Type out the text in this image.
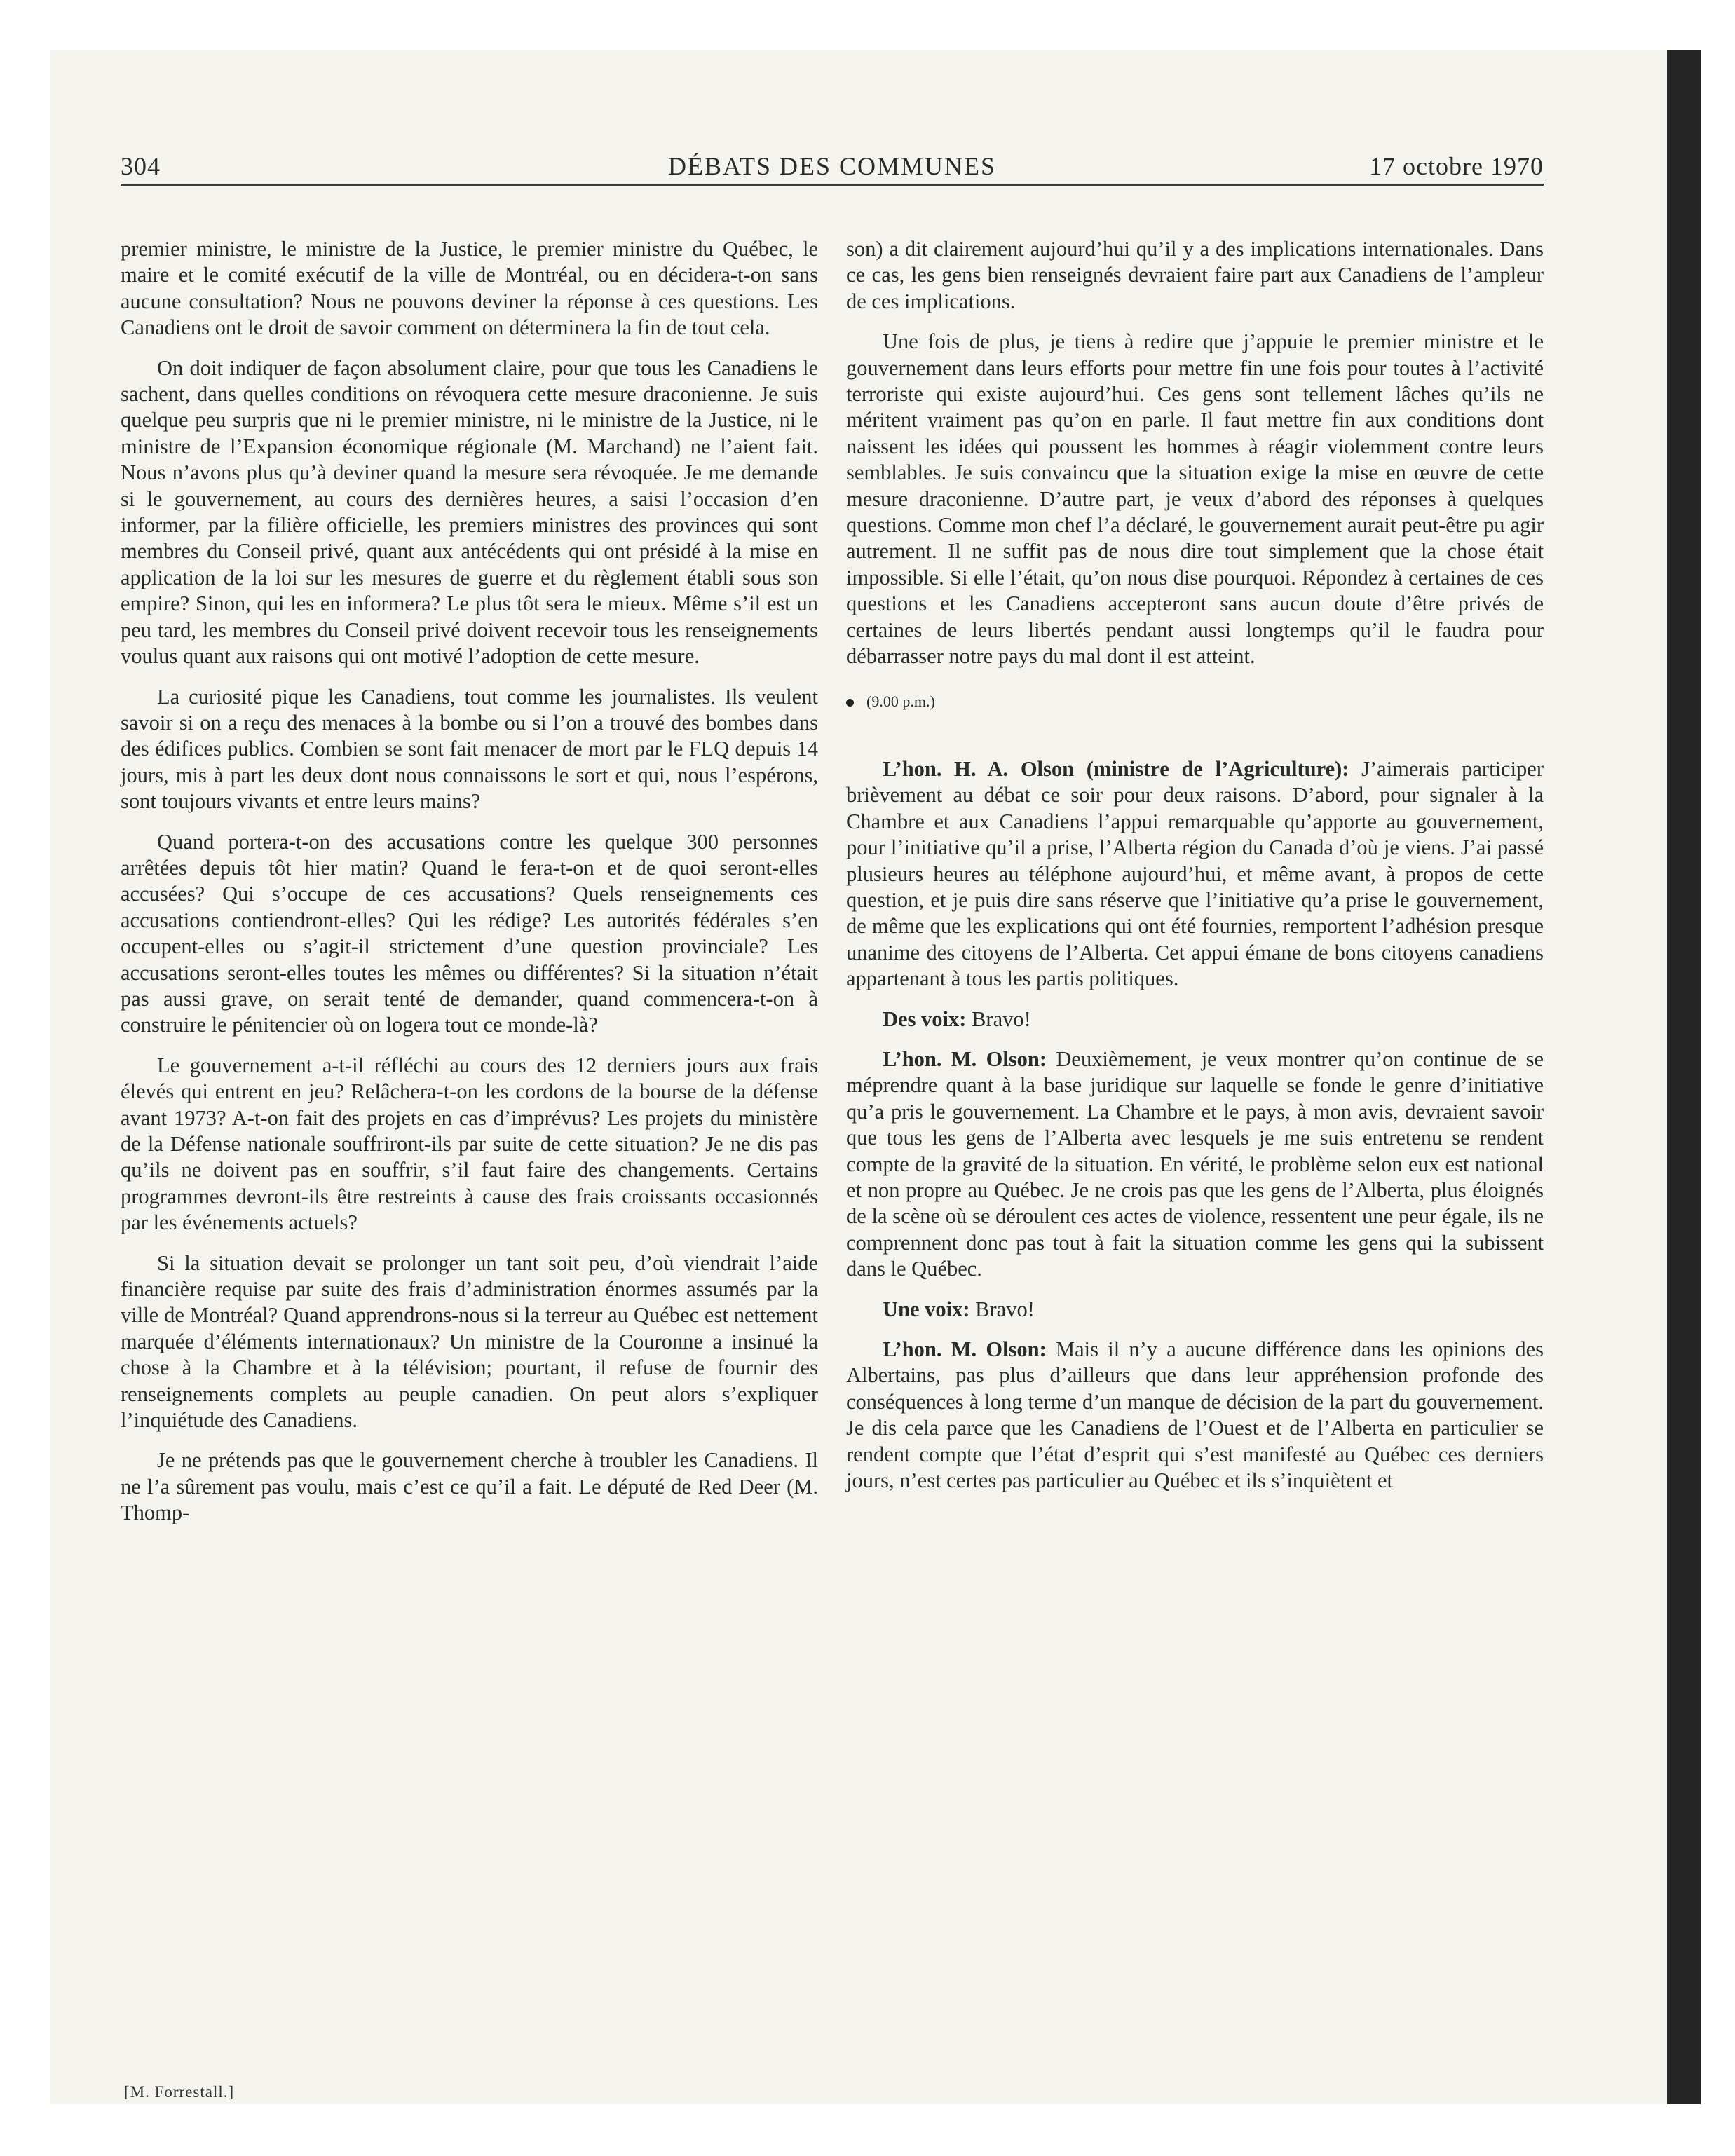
304	DÉBATS DES COMMUNES	17 octobre 1970

premier ministre, le ministre de la Justice, le premier ministre du Québec, le maire et le comité exécutif de la ville de Montréal, ou en décidera-t-on sans aucune consultation? Nous ne pouvons deviner la réponse à ces questions. Les Canadiens ont le droit de savoir comment on déterminera la fin de tout cela.

On doit indiquer de façon absolument claire, pour que tous les Canadiens le sachent, dans quelles conditions on révoquera cette mesure draconienne. Je suis quelque peu surpris que ni le premier ministre, ni le ministre de la Justice, ni le ministre de l’Expansion économique régionale (M. Marchand) ne l’aient fait. Nous n’avons plus qu’à deviner quand la mesure sera révoquée. Je me demande si le gouvernement, au cours des dernières heures, a saisi l’occasion d’en informer, par la filière officielle, les premiers ministres des provinces qui sont membres du Conseil privé, quant aux antécédents qui ont présidé à la mise en application de la loi sur les mesures de guerre et du règlement établi sous son empire? Sinon, qui les en informera? Le plus tôt sera le mieux. Même s’il est un peu tard, les membres du Conseil privé doivent recevoir tous les renseignements voulus quant aux raisons qui ont motivé l’adoption de cette mesure.

La curiosité pique les Canadiens, tout comme les journalistes. Ils veulent savoir si on a reçu des menaces à la bombe ou si l’on a trouvé des bombes dans des édifices publics. Combien se sont fait menacer de mort par le FLQ depuis 14 jours, mis à part les deux dont nous connaissons le sort et qui, nous l’espérons, sont toujours vivants et entre leurs mains?

Quand portera-t-on des accusations contre les quelque 300 personnes arrêtées depuis tôt hier matin? Quand le fera-t-on et de quoi seront-elles accusées? Qui s’occupe de ces accusations? Quels renseignements ces accusations contiendront-elles? Qui les rédige? Les autorités fédérales s’en occupent-elles ou s’agit-il strictement d’une question provinciale? Les accusations seront-elles toutes les mêmes ou différentes? Si la situation n’était pas aussi grave, on serait tenté de demander, quand commencera-t-on à construire le pénitencier où on logera tout ce monde-là?

Le gouvernement a-t-il réfléchi au cours des 12 derniers jours aux frais élevés qui entrent en jeu? Relâchera-t-on les cordons de la bourse de la défense avant 1973? A-t-on fait des projets en cas d’imprévus? Les projets du ministère de la Défense nationale souffriront-ils par suite de cette situation? Je ne dis pas qu’ils ne doivent pas en souffrir, s’il faut faire des changements. Certains programmes devront-ils être restreints à cause des frais croissants occasionnés par les événements actuels?

Si la situation devait se prolonger un tant soit peu, d’où viendrait l’aide financière requise par suite des frais d’administration énormes assumés par la ville de Montréal? Quand apprendrons-nous si la terreur au Québec est nettement marquée d’éléments internationaux? Un ministre de la Couronne a insinué la chose à la Chambre et à la télévision; pourtant, il refuse de fournir des renseignements complets au peuple canadien. On peut alors s’expliquer l’inquiétude des Canadiens.

Je ne prétends pas que le gouvernement cherche à troubler les Canadiens. Il ne l’a sûrement pas voulu, mais c’est ce qu’il a fait. Le député de Red Deer (M. Thomp-

[M. Forrestall.]

son) a dit clairement aujourd’hui qu’il y a des implications internationales. Dans ce cas, les gens bien renseignés devraient faire part aux Canadiens de l’ampleur de ces implications.

Une fois de plus, je tiens à redire que j’appuie le premier ministre et le gouvernement dans leurs efforts pour mettre fin une fois pour toutes à l’activité terroriste qui existe aujourd’hui. Ces gens sont tellement lâches qu’ils ne méritent vraiment pas qu’on en parle. Il faut mettre fin aux conditions dont naissent les idées qui poussent les hommes à réagir violemment contre leurs semblables. Je suis convaincu que la situation exige la mise en œuvre de cette mesure draconienne. D’autre part, je veux d’abord des réponses à quelques questions. Comme mon chef l’a déclaré, le gouvernement aurait peut-être pu agir autrement. Il ne suffit pas de nous dire tout simplement que la chose était impossible. Si elle l’était, qu’on nous dise pourquoi. Répondez à certaines de ces questions et les Canadiens accepteront sans aucun doute d’être privés de certaines de leurs libertés pendant aussi longtemps qu’il le faudra pour débarrasser notre pays du mal dont il est atteint.

(9.00 p.m.)

L’hon. H. A. Olson (ministre de l’Agriculture): J’aimerais participer brièvement au débat ce soir pour deux raisons. D’abord, pour signaler à la Chambre et aux Canadiens l’appui remarquable qu’apporte au gouvernement, pour l’initiative qu’il a prise, l’Alberta région du Canada d’où je viens. J’ai passé plusieurs heures au téléphone aujourd’hui, et même avant, à propos de cette question, et je puis dire sans réserve que l’initiative qu’a prise le gouvernement, de même que les explications qui ont été fournies, remportent l’adhésion presque unanime des citoyens de l’Alberta. Cet appui émane de bons citoyens canadiens appartenant à tous les partis politiques.

Des voix: Bravo!

L’hon. M. Olson: Deuxièmement, je veux montrer qu’on continue de se méprendre quant à la base juridique sur laquelle se fonde le genre d’initiative qu’a pris le gouvernement. La Chambre et le pays, à mon avis, devraient savoir que tous les gens de l’Alberta avec lesquels je me suis entretenu se rendent compte de la gravité de la situation. En vérité, le problème selon eux est national et non propre au Québec. Je ne crois pas que les gens de l’Alberta, plus éloignés de la scène où se déroulent ces actes de violence, ressentent une peur égale, ils ne comprennent donc pas tout à fait la situation comme les gens qui la subissent dans le Québec.

Une voix: Bravo!

L’hon. M. Olson: Mais il n’y a aucune différence dans les opinions des Albertains, pas plus d’ailleurs que dans leur appréhension profonde des conséquences à long terme d’un manque de décision de la part du gouvernement. Je dis cela parce que les Canadiens de l’Ouest et de l’Alberta en particulier se rendent compte que l’état d’esprit qui s’est manifesté au Québec ces derniers jours, n’est certes pas particulier au Québec et ils s’inquiètent et
